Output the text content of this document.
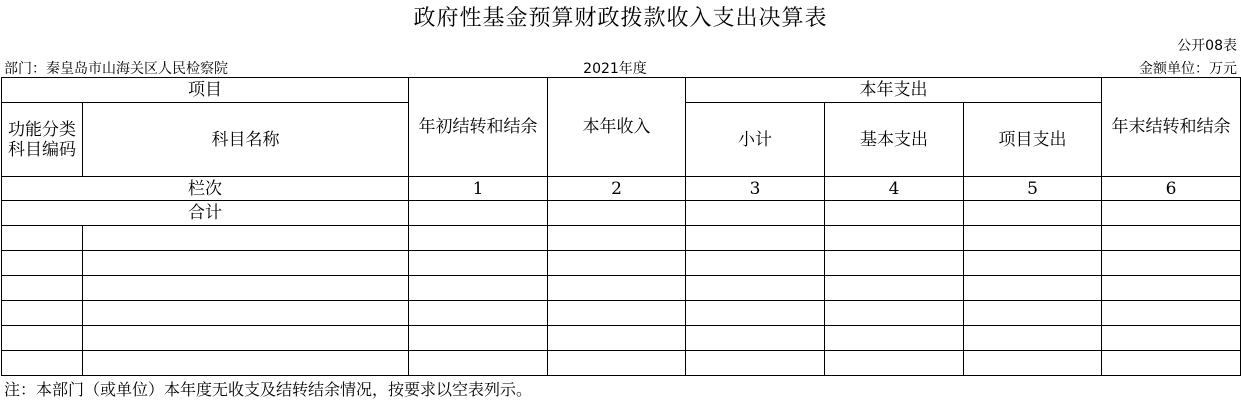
政府性基金预算财政拨款收入支出决算表
公开08表
部门：秦皇岛市山海关区人民检察院	2021年度	金额单位：万元
项目		年初结转和结余	本年收入	本年支出			年末结转和结余
功能分类科目编码	科目名称			小计	基本支出	项目支出	
栏次		1	2	3	4	5	6
合计							

注：本部门（或单位）本年度无收支及结转结余情况，按要求以空表列示。
